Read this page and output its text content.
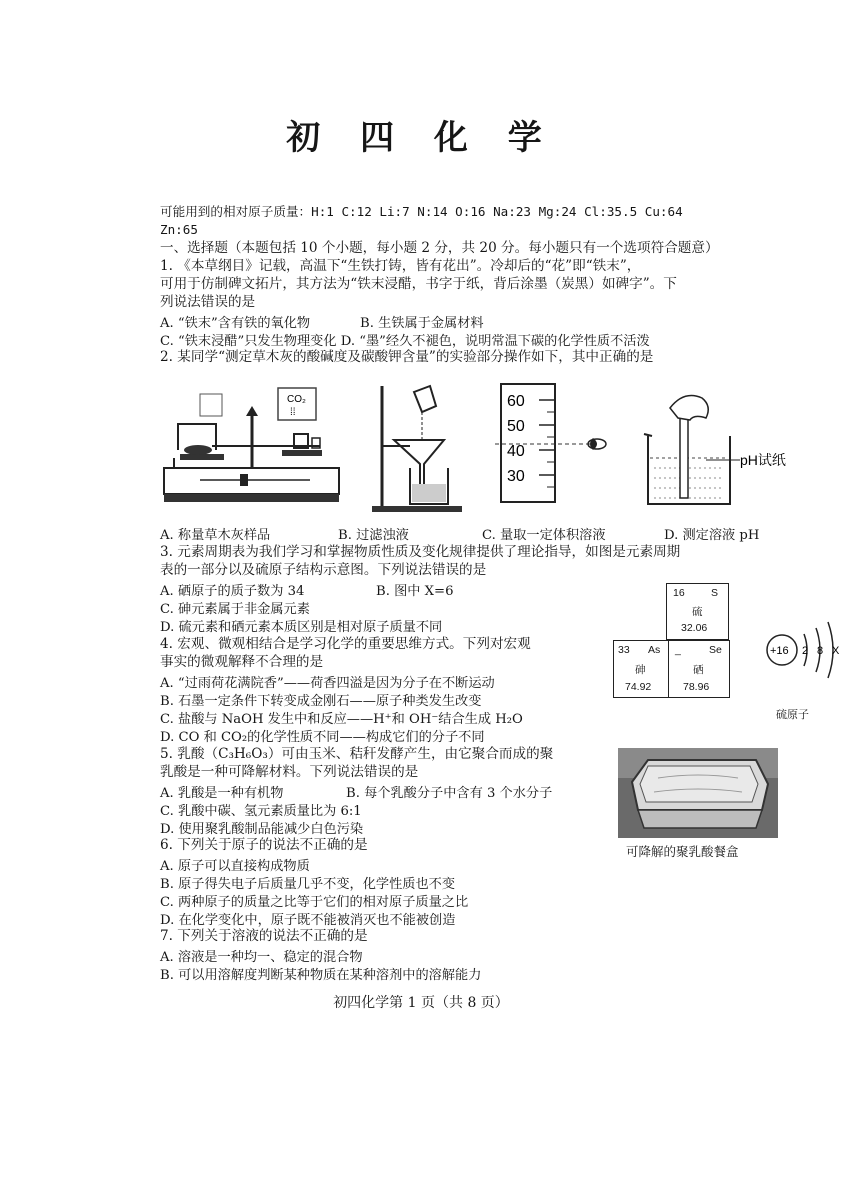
初 四 化 学
可能用到的相对原子质量：H:1 C:12 Li:7 N:14 O:16 Na:23 Mg:24 Cl:35.5 Cu:64
Zn:65
一、选择题（本题包括 10 个小题，每小题 2 分，共 20 分。每小题只有一个选项符合题意）
1. 《本草纲目》记载，高温下“生铁打铸，皆有花出”。冷却后的“花”即“铁末”，
可用于仿制碑文拓片，其方法为“铁末浸醋，书字于纸，背后涂墨（炭黑）如碑字”。下
列说法错误的是
A. “铁末”含有铁的氧化物	B. 生铁属于金属材料
C. “铁末浸醋”只发生物理变化 D. “墨”经久不褪色，说明常温下碳的化学性质不活泼
2. 某同学“测定草木灰的酸碱度及碳酸钾含量”的实验部分操作如下，其中正确的是
CO₂
⁞⁞
60
50
40
30
pH试纸
A. 称量草木灰样品	B. 过滤浊液	C. 量取一定体积溶液	D. 测定溶液 pH
3. 元素周期表为我们学习和掌握物质性质及变化规律提供了理论指导，如图是元素周期
表的一部分以及硫原子结构示意图。下列说法错误的是
A. 硒原子的质子数为 34	B. 图中 X=6
C. 砷元素属于非金属元素
D. 硫元素和硒元素本质区别是相对原子质量不同
16	S
硫
32.06
33 As
砷
74.92
_	Se
硒
78.96
+16 2 8 X
硫原子
4. 宏观、微观相结合是学习化学的重要思维方式。下列对宏观
事实的微观解释不合理的是
A. “过雨荷花满院香”——荷香四溢是因为分子在不断运动
B. 石墨一定条件下转变成金刚石——原子种类发生改变
C. 盐酸与 NaOH 发生中和反应——H⁺和 OH⁻结合生成 H₂O
D. CO 和 CO₂的化学性质不同——构成它们的分子不同
5. 乳酸（C₃H₆O₃）可由玉米、秸秆发酵产生，由它聚合而成的聚
乳酸是一种可降解材料。下列说法错误的是
A. 乳酸是一种有机物	B. 每个乳酸分子中含有 3 个水分子
C. 乳酸中碳、氢元素质量比为 6:1
D. 使用聚乳酸制品能减少白色污染
可降解的聚乳酸餐盒
6. 下列关于原子的说法不正确的是
A. 原子可以直接构成物质
B. 原子得失电子后质量几乎不变，化学性质也不变
C. 两种原子的质量之比等于它们的相对原子质量之比
D. 在化学变化中，原子既不能被消灭也不能被创造
7. 下列关于溶液的说法不正确的是
A. 溶液是一种均一、稳定的混合物
B. 可以用溶解度判断某种物质在某种溶剂中的溶解能力
初四化学第 1 页（共 8 页）
